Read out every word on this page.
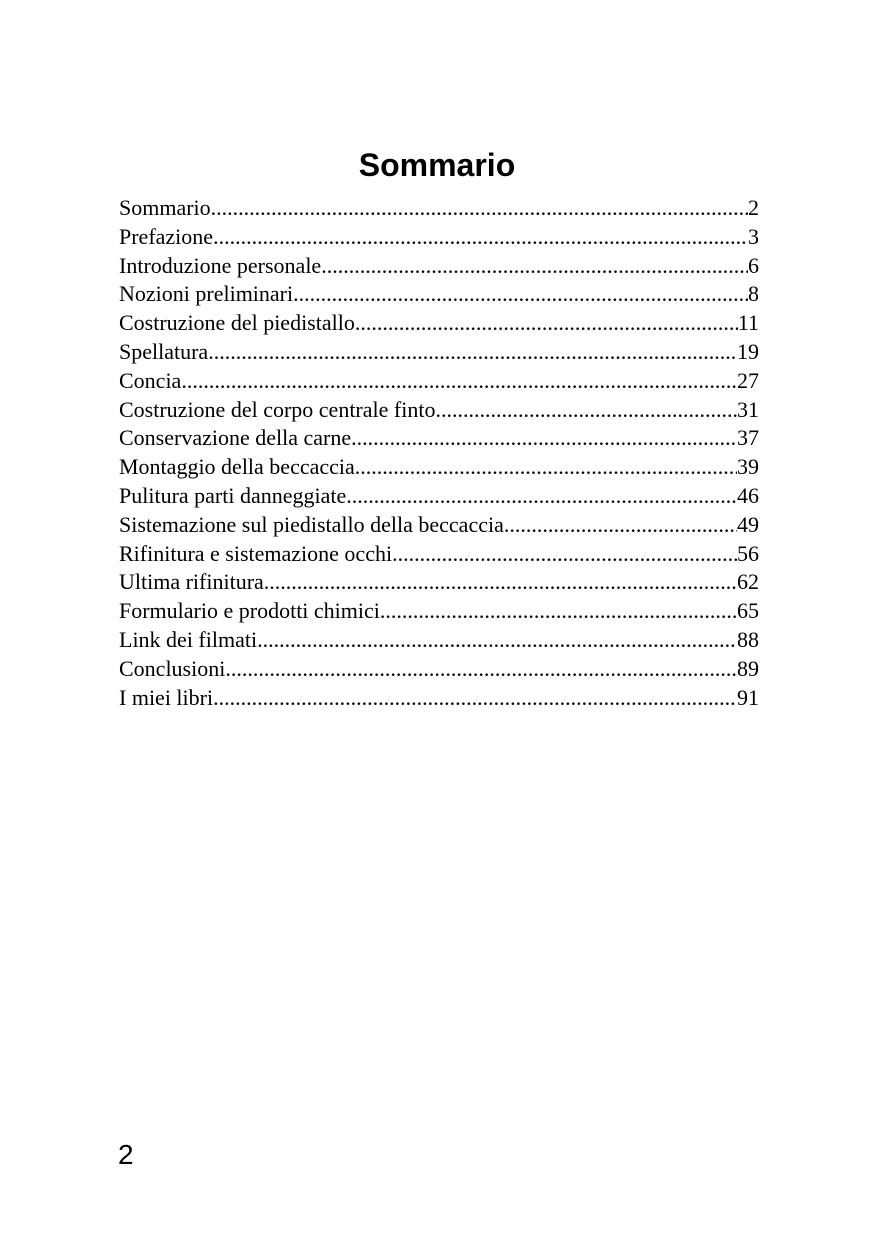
Sommario
Sommario .....	2
Prefazione .....	3
Introduzione personale .....	6
Nozioni preliminari .....	8
Costruzione del piedistallo .....	11
Spellatura .....	19
Concia .....	27
Costruzione del corpo centrale finto .....	31
Conservazione della carne .....	37
Montaggio della beccaccia .....	39
Pulitura parti danneggiate .....	46
Sistemazione sul piedistallo della beccaccia .....	49
Rifinitura e sistemazione occhi .....	56
Ultima rifinitura .....	62
Formulario e prodotti chimici .....	65
Link dei filmati .....	88
Conclusioni .....	89
I miei libri .....	91
2
